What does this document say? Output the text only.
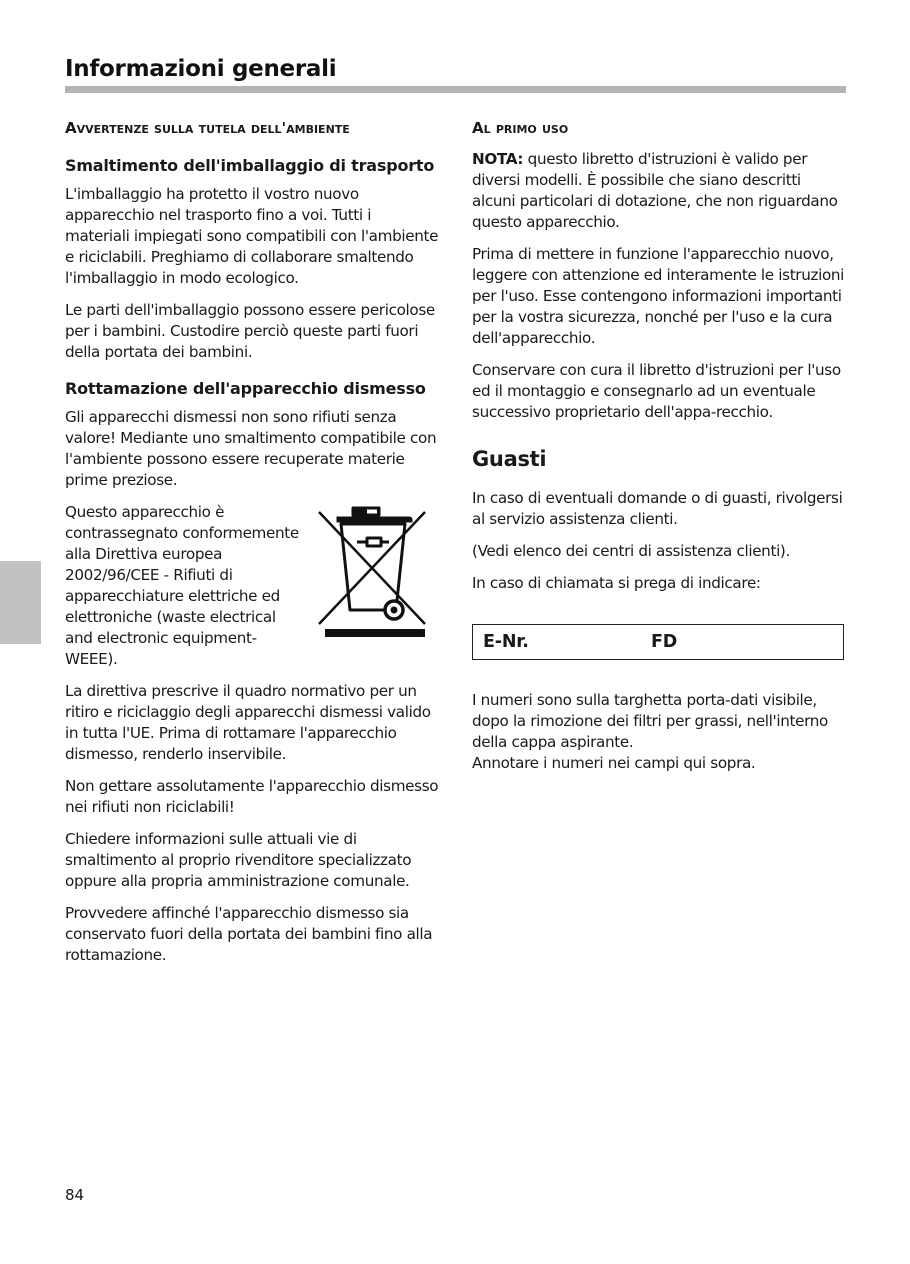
Informazioni generali
Avvertenze sulla tutela dell'ambiente
Smaltimento dell'imballaggio di trasporto

L'imballaggio ha protetto il vostro nuovo apparecchio nel trasporto fino a voi. Tutti i materiali impiegati sono compatibili con l'ambiente e riciclabili. Preghiamo di collaborare smaltendo l'imballaggio in modo ecologico.

Le parti dell'imballaggio possono essere pericolose per i bambini. Custodire perciò queste parti fuori della portata dei bambini.

Rottamazione dell'apparecchio dismesso

Gli apparecchi dismessi non sono rifiuti senza valore! Mediante uno smaltimento compatibile con l'ambiente possono essere recuperate materie prime preziose.

Questo apparecchio è contrassegnato conformemente alla Direttiva europea 2002/96/CEE - Rifiuti di apparecchiature elettriche ed elettroniche (waste electrical and electronic equipment- WEEE).

La direttiva prescrive il quadro normativo per un ritiro e riciclaggio degli apparecchi dismessi valido in tutta l'UE. Prima di rottamare l'apparecchio dismesso, renderlo inservibile.

Non gettare assolutamente l'apparecchio dismesso nei rifiuti non riciclabili!

Chiedere informazioni sulle attuali vie di smaltimento al proprio rivenditore specializzato oppure alla propria amministrazione comunale.

Provvedere affinché l'apparecchio dismesso sia conservato fuori della portata dei bambini fino alla rottamazione.

Al primo uso

NOTA: questo libretto d'istruzioni è valido per diversi modelli. È possibile che siano descritti alcuni particolari di dotazione, che non riguardano questo apparecchio.

Prima di mettere in funzione l'apparecchio nuovo, leggere con attenzione ed interamente le istruzioni per l'uso. Esse contengono informazioni importanti per la vostra sicurezza, nonché per l'uso e la cura dell'apparecchio.

Conservare con cura il libretto d'istruzioni per l'uso ed il montaggio e consegnarlo ad un eventuale successivo proprietario dell'appa-recchio.

Guasti

In caso di eventuali domande o di guasti, rivolgersi al servizio assistenza clienti.

(Vedi elenco dei centri di assistenza clienti).

In caso di chiamata si prega di indicare:

E-Nr.	FD

I numeri sono sulla targhetta porta-dati visibile, dopo la rimozione dei filtri per grassi, nell'interno della cappa aspirante.
Annotare i numeri nei campi qui sopra.

84
